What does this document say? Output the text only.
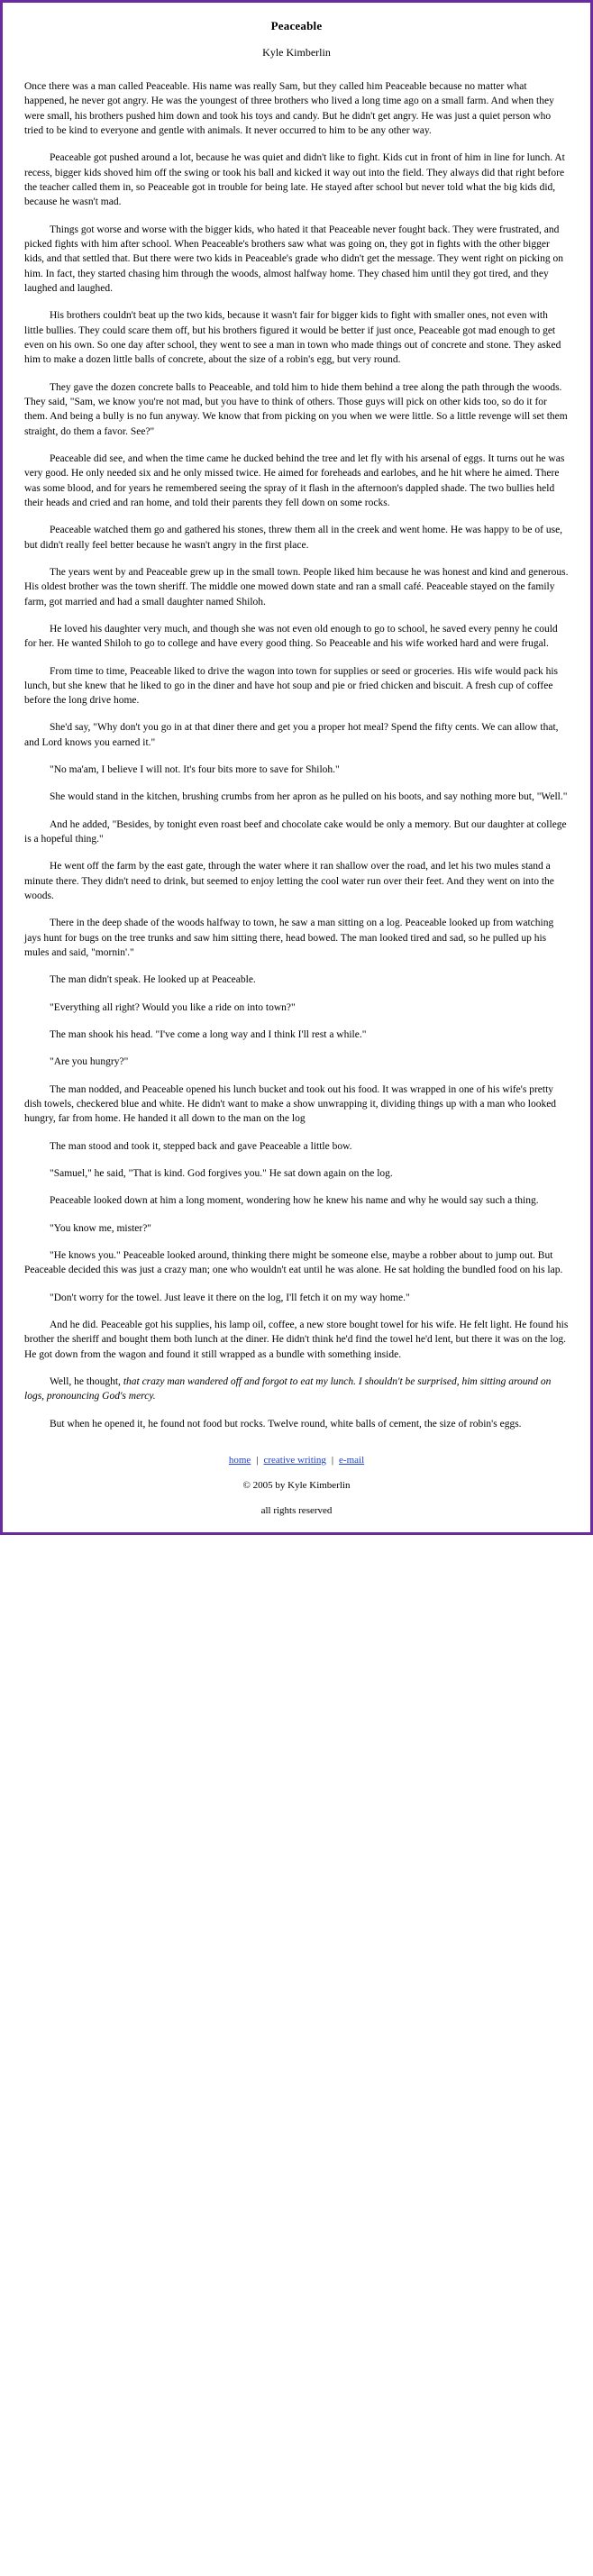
Peaceable
Kyle Kimberlin

Once there was a man called Peaceable. His name was really Sam, but they called him Peaceable because no matter what happened, he never got angry. He was the youngest of three brothers who lived a long time ago on a small farm. And when they were small, his brothers pushed him down and took his toys and candy. But he didn't get angry. He was just a quiet person who tried to be kind to everyone and gentle with animals. It never occurred to him to be any other way.

Peaceable got pushed around a lot, because he was quiet and didn't like to fight. Kids cut in front of him in line for lunch. At recess, bigger kids shoved him off the swing or took his ball and kicked it way out into the field. They always did that right before the teacher called them in, so Peaceable got in trouble for being late. He stayed after school but never told what the big kids did, because he wasn't mad.

Things got worse and worse with the bigger kids, who hated it that Peaceable never fought back. They were frustrated, and picked fights with him after school. When Peaceable's brothers saw what was going on, they got in fights with the other bigger kids, and that settled that. But there were two kids in Peaceable's grade who didn't get the message. They went right on picking on him. In fact, they started chasing him through the woods, almost halfway home. They chased him until they got tired, and they laughed and laughed.

His brothers couldn't beat up the two kids, because it wasn't fair for bigger kids to fight with smaller ones, not even with little bullies. They could scare them off, but his brothers figured it would be better if just once, Peaceable got mad enough to get even on his own. So one day after school, they went to see a man in town who made things out of concrete and stone. They asked him to make a dozen little balls of concrete, about the size of a robin's egg, but very round.

They gave the dozen concrete balls to Peaceable, and told him to hide them behind a tree along the path through the woods. They said, "Sam, we know you're not mad, but you have to think of others. Those guys will pick on other kids too, so do it for them. And being a bully is no fun anyway. We know that from picking on you when we were little. So a little revenge will set them straight, do them a favor. See?"

Peaceable did see, and when the time came he ducked behind the tree and let fly with his arsenal of eggs. It turns out he was very good. He only needed six and he only missed twice. He aimed for foreheads and earlobes, and he hit where he aimed. There was some blood, and for years he remembered seeing the spray of it flash in the afternoon's dappled shade. The two bullies held their heads and cried and ran home, and told their parents they fell down on some rocks.

Peaceable watched them go and gathered his stones, threw them all in the creek and went home. He was happy to be of use, but didn't really feel better because he wasn't angry in the first place.

The years went by and Peaceable grew up in the small town. People liked him because he was honest and kind and generous. His oldest brother was the town sheriff. The middle one mowed down state and ran a small café. Peaceable stayed on the family farm, got married and had a small daughter named Shiloh.

He loved his daughter very much, and though she was not even old enough to go to school, he saved every penny he could for her. He wanted Shiloh to go to college and have every good thing. So Peaceable and his wife worked hard and were frugal.

From time to time, Peaceable liked to drive the wagon into town for supplies or seed or groceries. His wife would pack his lunch, but she knew that he liked to go in the diner and have hot soup and pie or fried chicken and biscuit. A fresh cup of coffee before the long drive home.

She'd say, "Why don't you go in at that diner there and get you a proper hot meal? Spend the fifty cents. We can allow that, and Lord knows you earned it."

"No ma'am, I believe I will not. It's four bits more to save for Shiloh."

She would stand in the kitchen, brushing crumbs from her apron as he pulled on his boots, and say nothing more but, "Well."

And he added, "Besides, by tonight even roast beef and chocolate cake would be only a memory. But our daughter at college is a hopeful thing."

He went off the farm by the east gate, through the water where it ran shallow over the road, and let his two mules stand a minute there. They didn't need to drink, but seemed to enjoy letting the cool water run over their feet. And they went on into the woods.

There in the deep shade of the woods halfway to town, he saw a man sitting on a log. Peaceable looked up from watching jays hunt for bugs on the tree trunks and saw him sitting there, head bowed. The man looked tired and sad, so he pulled up his mules and said, "mornin'."

The man didn't speak. He looked up at Peaceable.

"Everything all right? Would you like a ride on into town?"

The man shook his head. "I've come a long way and I think I'll rest a while."

"Are you hungry?"

The man nodded, and Peaceable opened his lunch bucket and took out his food. It was wrapped in one of his wife's pretty dish towels, checkered blue and white. He didn't want to make a show unwrapping it, dividing things up with a man who looked hungry, far from home. He handed it all down to the man on the log

The man stood and took it, stepped back and gave Peaceable a little bow.

"Samuel," he said, "That is kind. God forgives you." He sat down again on the log.

Peaceable looked down at him a long moment, wondering how he knew his name and why he would say such a thing.

"You know me, mister?"

"He knows you." Peaceable looked around, thinking there might be someone else, maybe a robber about to jump out. But Peaceable decided this was just a crazy man; one who wouldn't eat until he was alone. He sat holding the bundled food on his lap.

"Don't worry for the towel. Just leave it there on the log, I'll fetch it on my way home."

And he did. Peaceable got his supplies, his lamp oil, coffee, a new store bought towel for his wife. He felt light. He found his brother the sheriff and bought them both lunch at the diner. He didn't think he'd find the towel he'd lent, but there it was on the log. He got down from the wagon and found it still wrapped as a bundle with something inside.

Well, he thought, that crazy man wandered off and forgot to eat my lunch. I shouldn't be surprised, him sitting around on logs, pronouncing God's mercy.

But when he opened it, he found not food but rocks. Twelve round, white balls of cement, the size of robin's eggs.

home | creative writing | e-mail
© 2005 by Kyle Kimberlin
all rights reserved
